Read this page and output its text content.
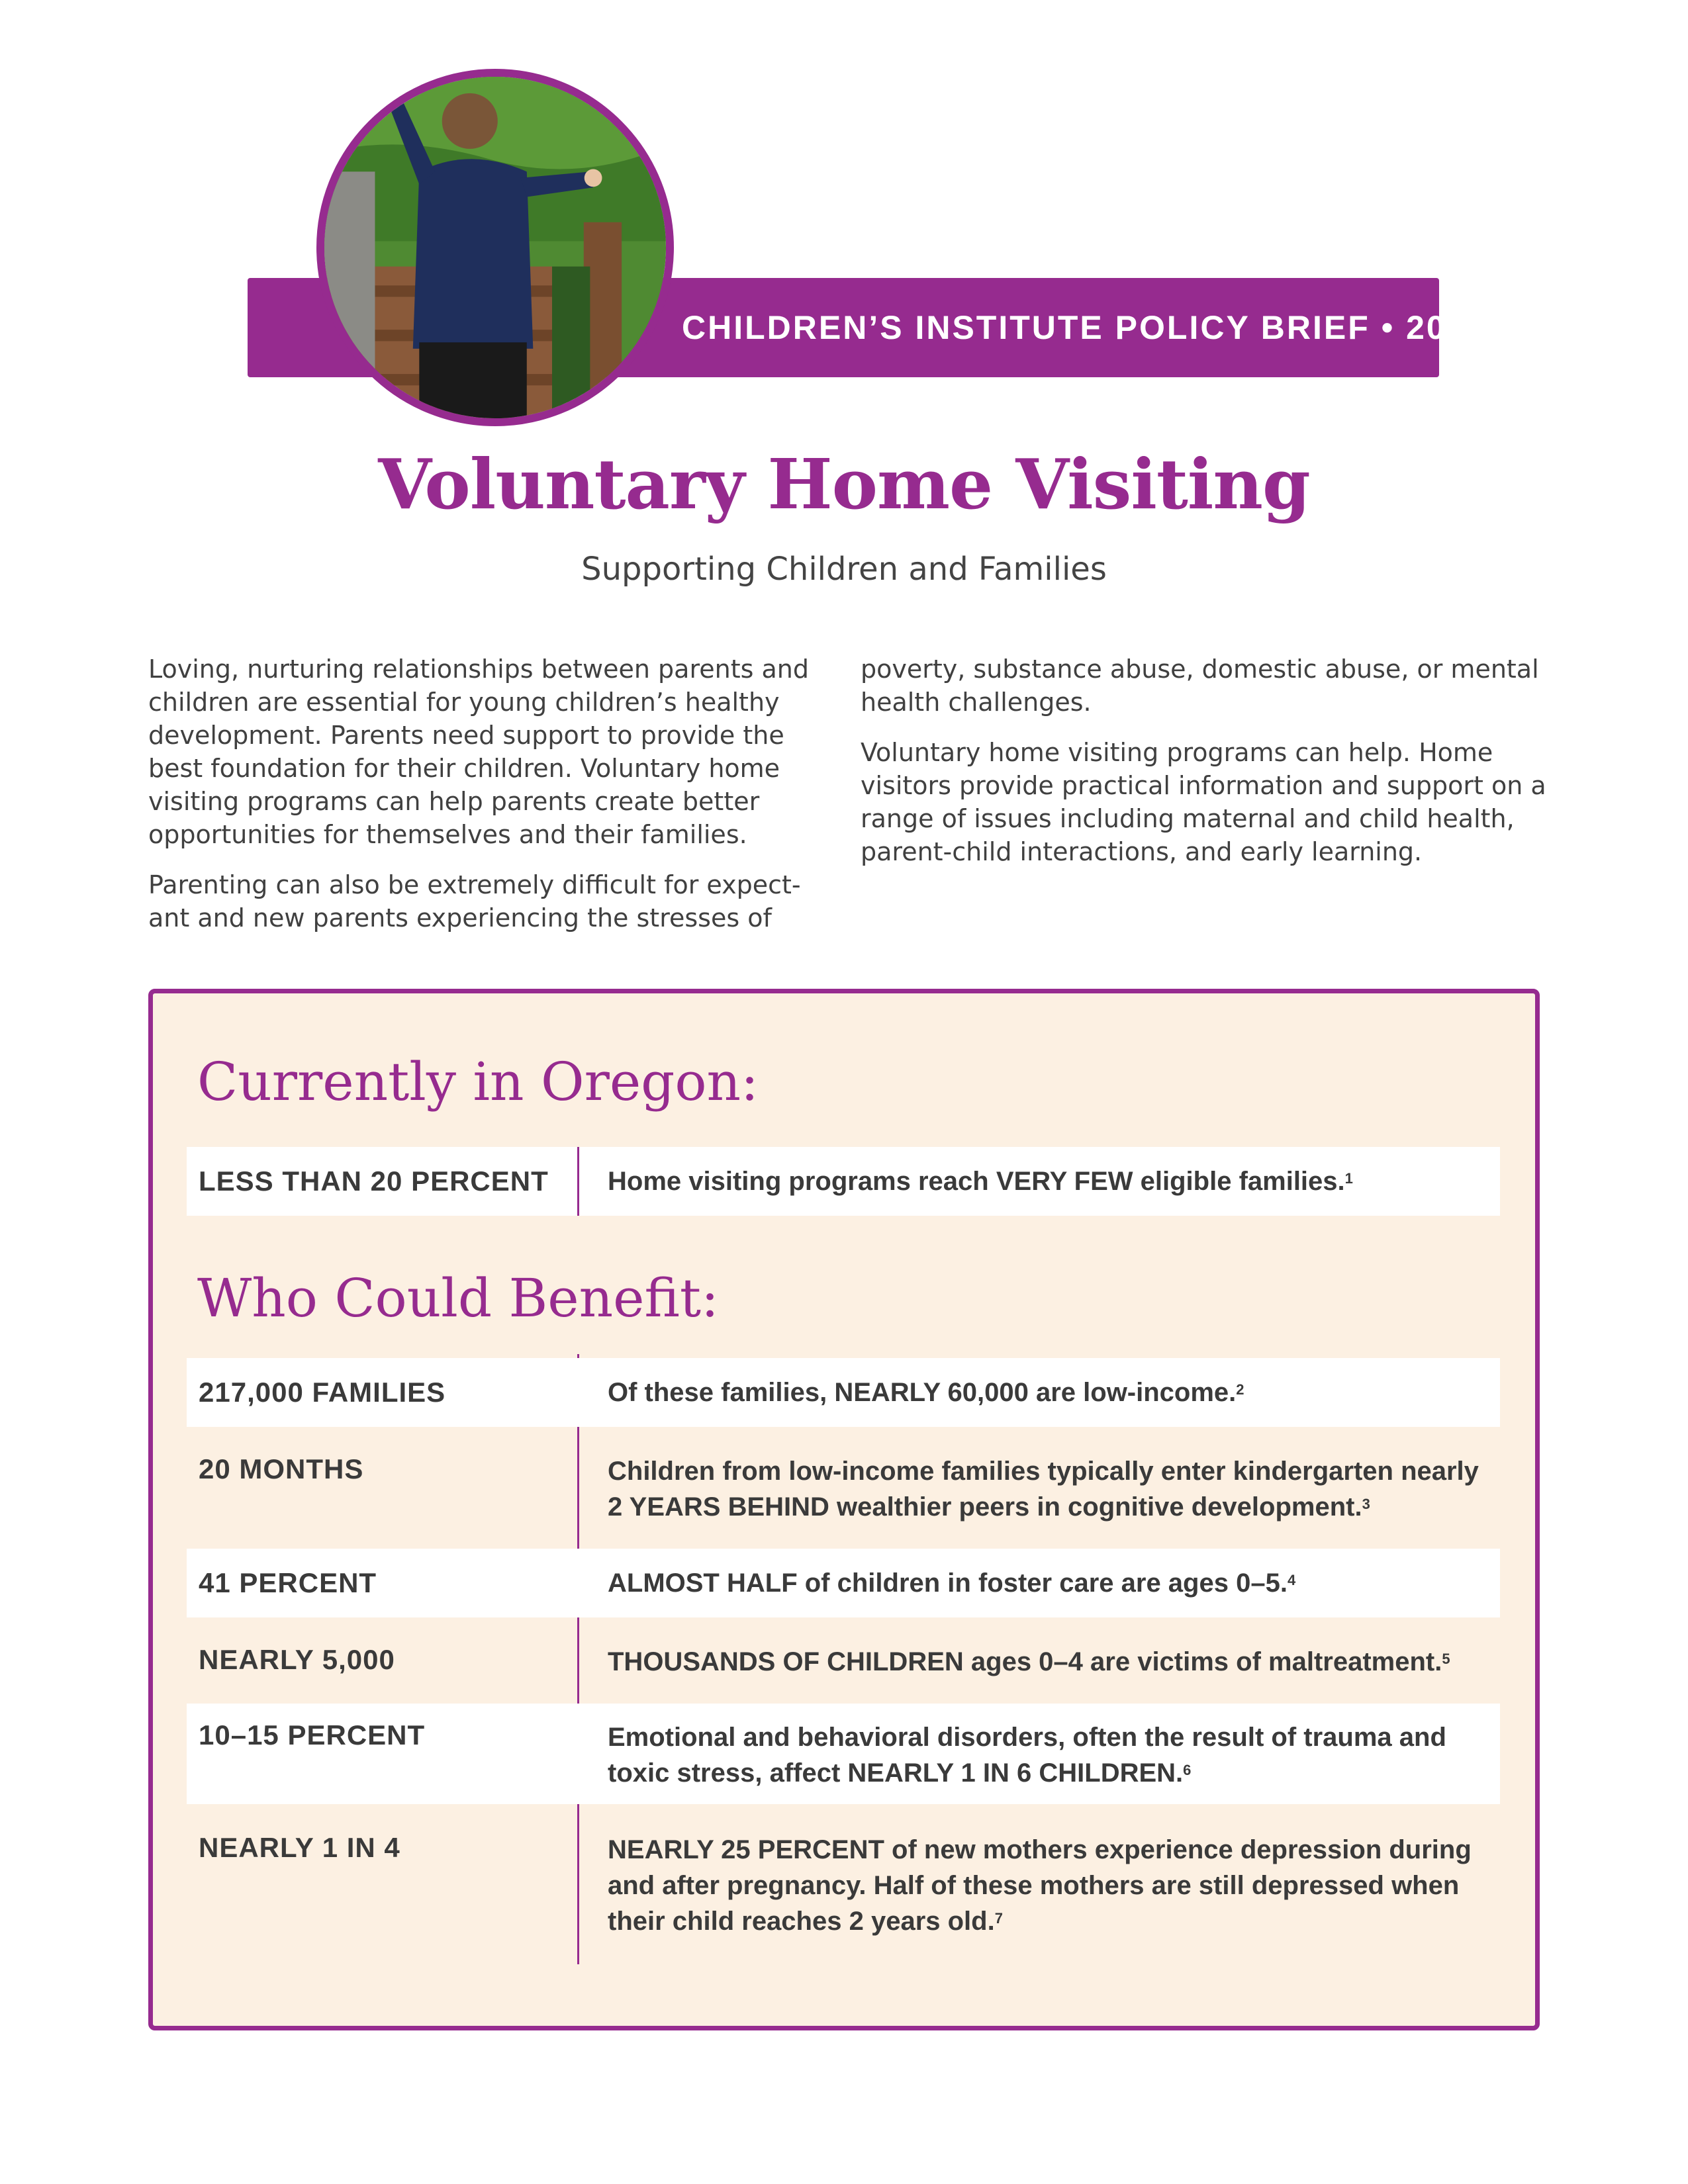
CHILDREN’S INSTITUTE POLICY BRIEF • 2019
Voluntary Home Visiting

Supporting Children and Families

Loving, nurturing relationships between parents and children are essential for young children’s healthy development. Parents need support to provide the best foundation for their children. Voluntary home visiting programs can help parents create better opportunities for themselves and their families.

Parenting can also be extremely difficult for expect- ant and new parents experiencing the stresses of

poverty, substance abuse, domestic abuse, or mental health challenges.

Voluntary home visiting programs can help. Home visitors provide practical information and support on a range of issues including maternal and child health, parent-child interactions, and early learning.

Currently in Oregon:
LESS THAN 20 PERCENT	Home visiting programs reach VERY FEW eligible families.$^1$
Who Could Benefit:
217,000 FAMILIES	Of these families, NEARLY 60,000 are low-income.$^2$
20 MONTHS	Children from low-income families typically enter kindergarten nearly 2 YEARS BEHIND wealthier peers in cognitive development.$^3$
41 PERCENT	ALMOST HALF of children in foster care are ages 0–5.$^4$
NEARLY 5,000	THOUSANDS OF CHILDREN ages 0–4 are victims of maltreatment.$^5$
10–15 PERCENT	Emotional and behavioral disorders, often the result of trauma and toxic stress, affect NEARLY 1 IN 6 CHILDREN.$^6$
NEARLY 1 IN 4	NEARLY 25 PERCENT of new mothers experience depression during and after pregnancy. Half of these mothers are still depressed when their child reaches 2 years old.$^7$
